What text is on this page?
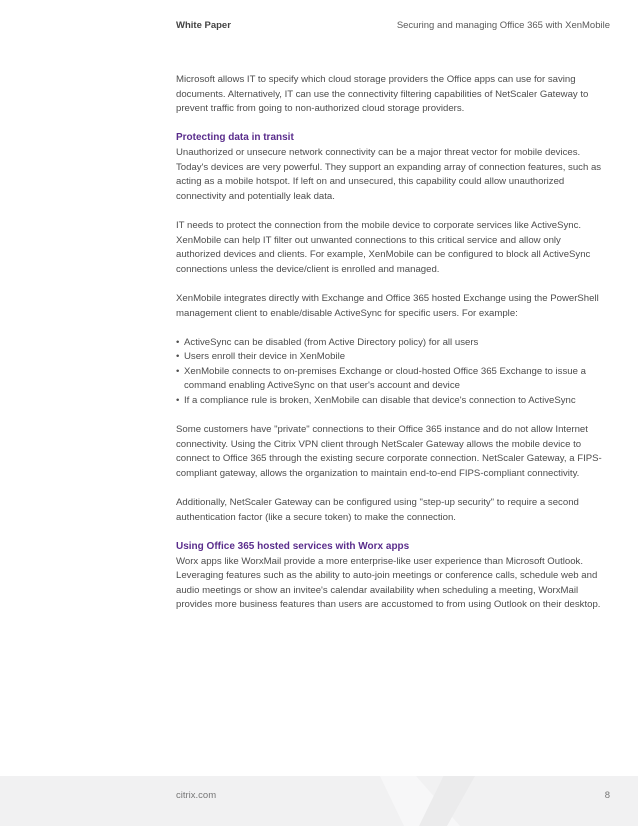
White Paper	Securing and managing Office 365 with XenMobile

Microsoft allows IT to specify which cloud storage providers the Office apps can use for saving documents. Alternatively, IT can use the connectivity filtering capabilities of NetScaler Gateway to prevent traffic from going to non-authorized cloud storage providers.

Protecting data in transit

Unauthorized or unsecure network connectivity can be a major threat vector for mobile devices. Today's devices are very powerful. They support an expanding array of connection features, such as acting as a mobile hotspot. If left on and unsecured, this capability could allow unauthorized connectivity and potentially leak data.

IT needs to protect the connection from the mobile device to corporate services like ActiveSync. XenMobile can help IT filter out unwanted connections to this critical service and allow only authorized devices and clients. For example, XenMobile can be configured to block all ActiveSync connections unless the device/client is enrolled and managed.

XenMobile integrates directly with Exchange and Office 365 hosted Exchange using the PowerShell management client to enable/disable ActiveSync for specific users. For example:

• ActiveSync can be disabled (from Active Directory policy) for all users
• Users enroll their device in XenMobile
• XenMobile connects to on-premises Exchange or cloud-hosted Office 365 Exchange to issue a command enabling ActiveSync on that user's account and device
• If a compliance rule is broken, XenMobile can disable that device's connection to ActiveSync

Some customers have "private" connections to their Office 365 instance and do not allow Internet connectivity. Using the Citrix VPN client through NetScaler Gateway allows the mobile device to connect to Office 365 through the existing secure corporate connection. NetScaler Gateway, a FIPS-compliant gateway, allows the organization to maintain end-to-end FIPS-compliant connectivity.

Additionally, NetScaler Gateway can be configured using "step-up security" to require a second authentication factor (like a secure token) to make the connection.

Using Office 365 hosted services with Worx apps

Worx apps like WorxMail provide a more enterprise-like user experience than Microsoft Outlook. Leveraging features such as the ability to auto-join meetings or conference calls, schedule web and audio meetings or show an invitee's calendar availability when scheduling a meeting, WorxMail provides more business features than users are accustomed to from using Outlook on their desktop.

citrix.com	8
